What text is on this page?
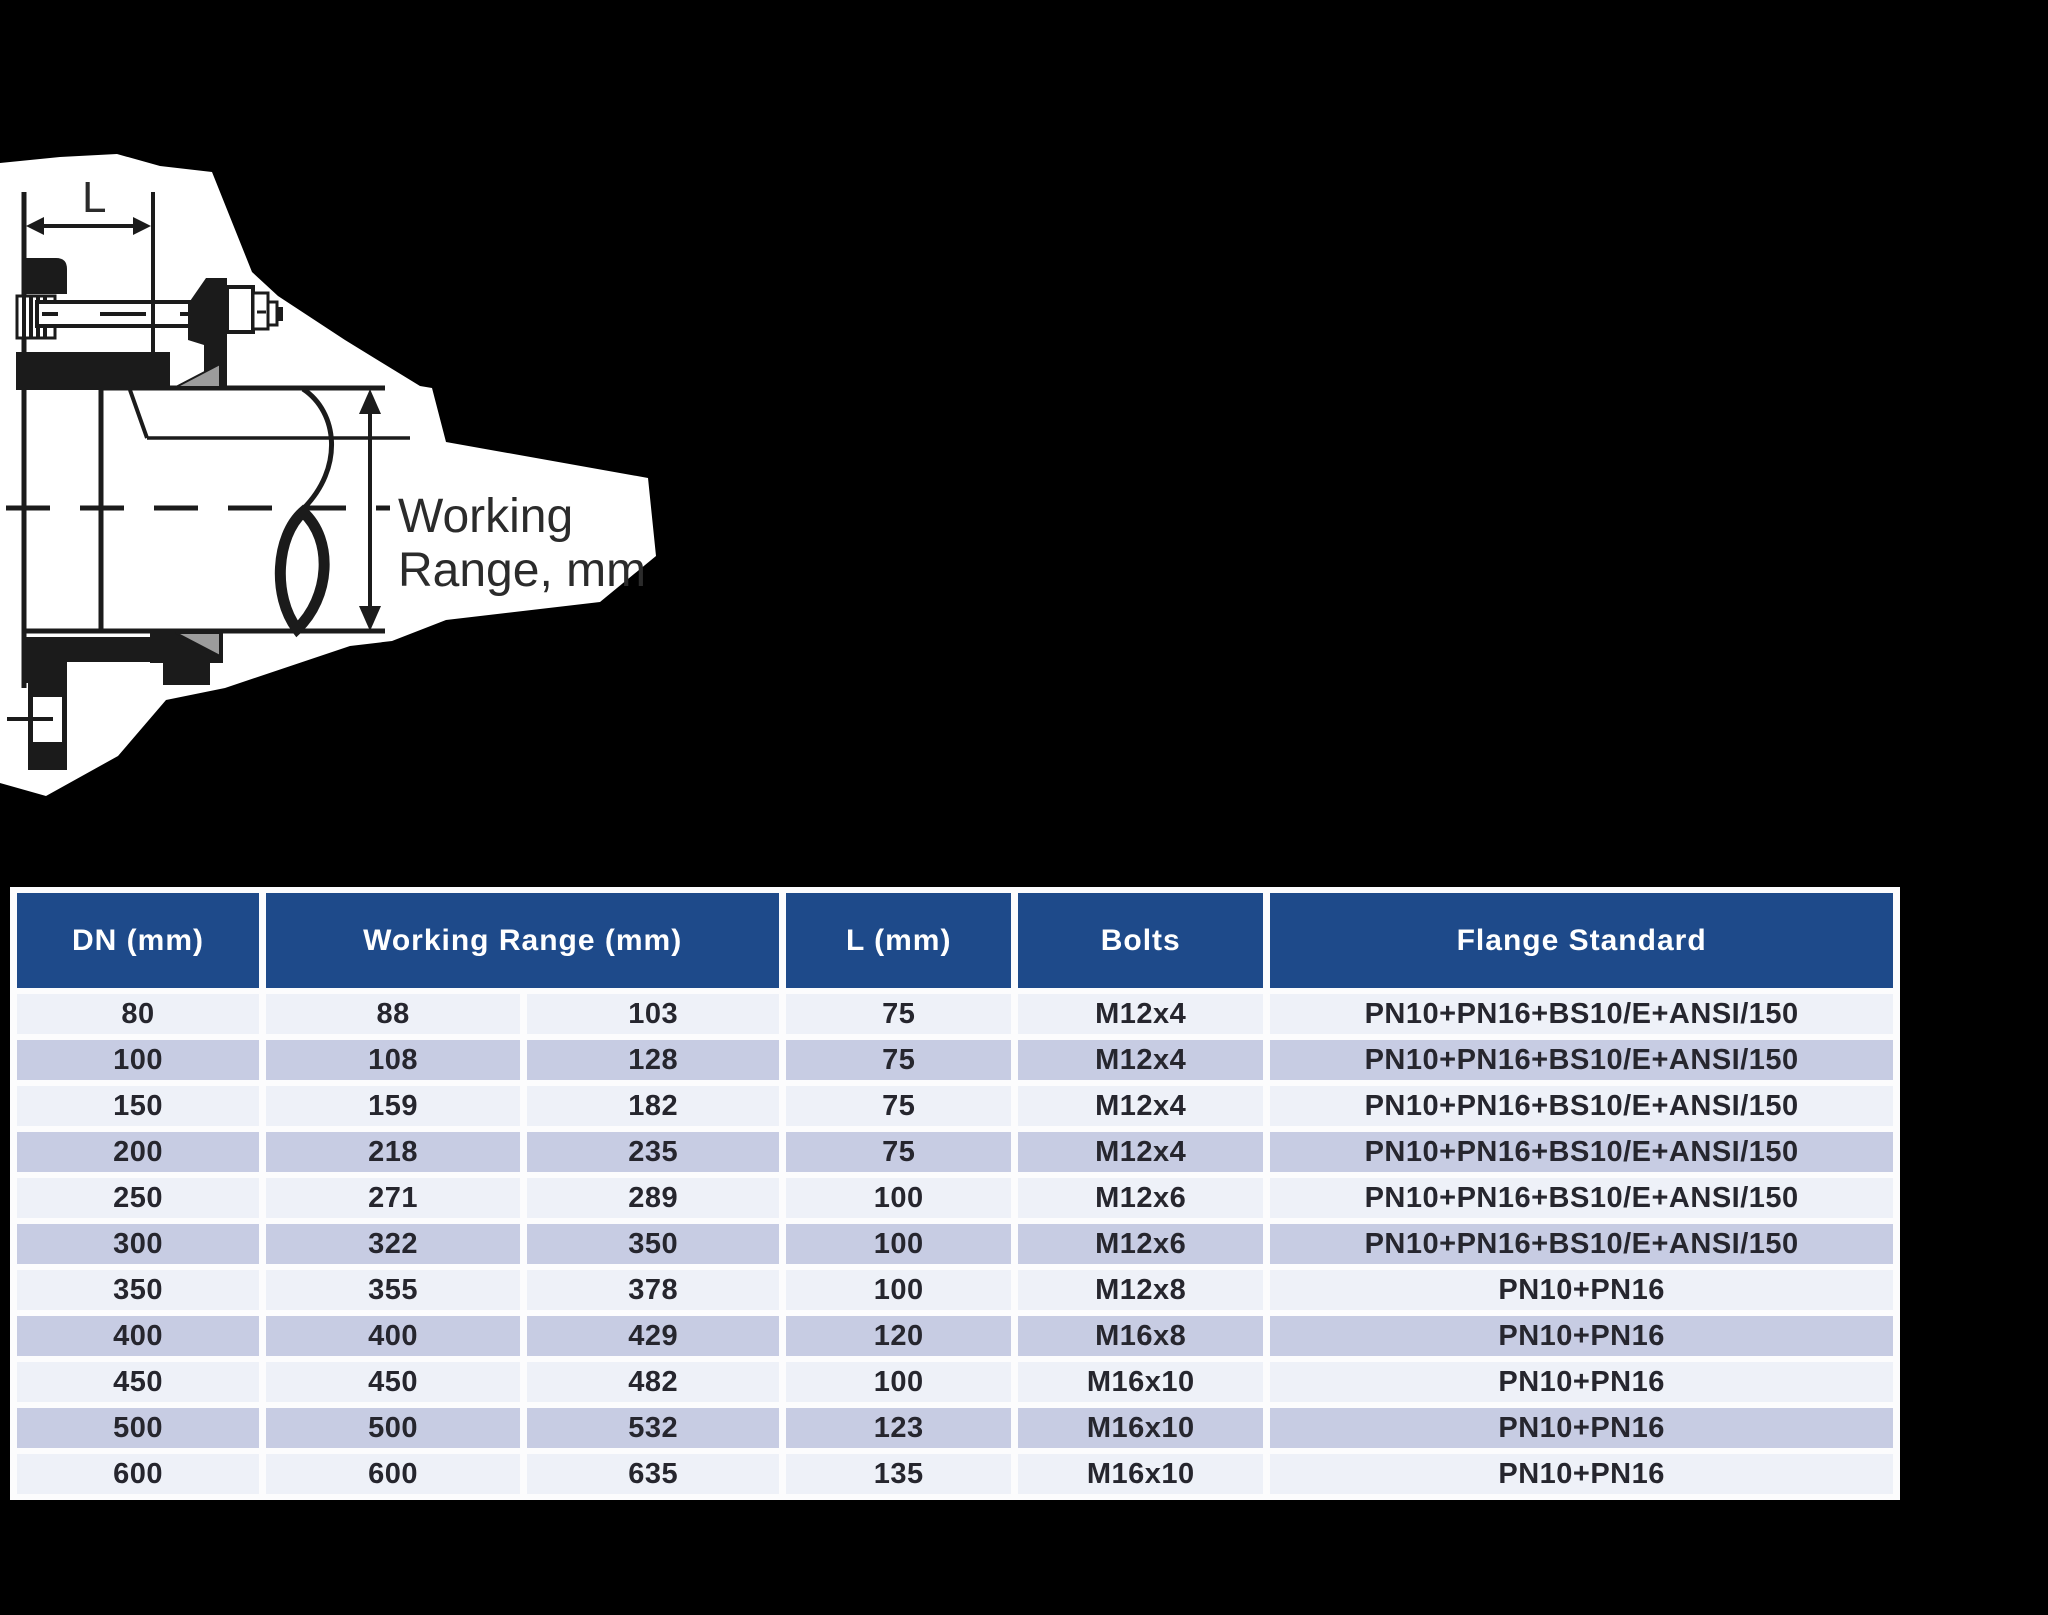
L
Working
Range, mm
DN (mm)	Working Range (mm)		L (mm)	Bolts	Flange Standard
80	88	103	75	M12x4	PN10+PN16+BS10/E+ANSI/150
100	108	128	75	M12x4	PN10+PN16+BS10/E+ANSI/150
150	159	182	75	M12x4	PN10+PN16+BS10/E+ANSI/150
200	218	235	75	M12x4	PN10+PN16+BS10/E+ANSI/150
250	271	289	100	M12x6	PN10+PN16+BS10/E+ANSI/150
300	322	350	100	M12x6	PN10+PN16+BS10/E+ANSI/150
350	355	378	100	M12x8	PN10+PN16
400	400	429	120	M16x8	PN10+PN16
450	450	482	100	M16x10	PN10+PN16
500	500	532	123	M16x10	PN10+PN16
600	600	635	135	M16x10	PN10+PN16
